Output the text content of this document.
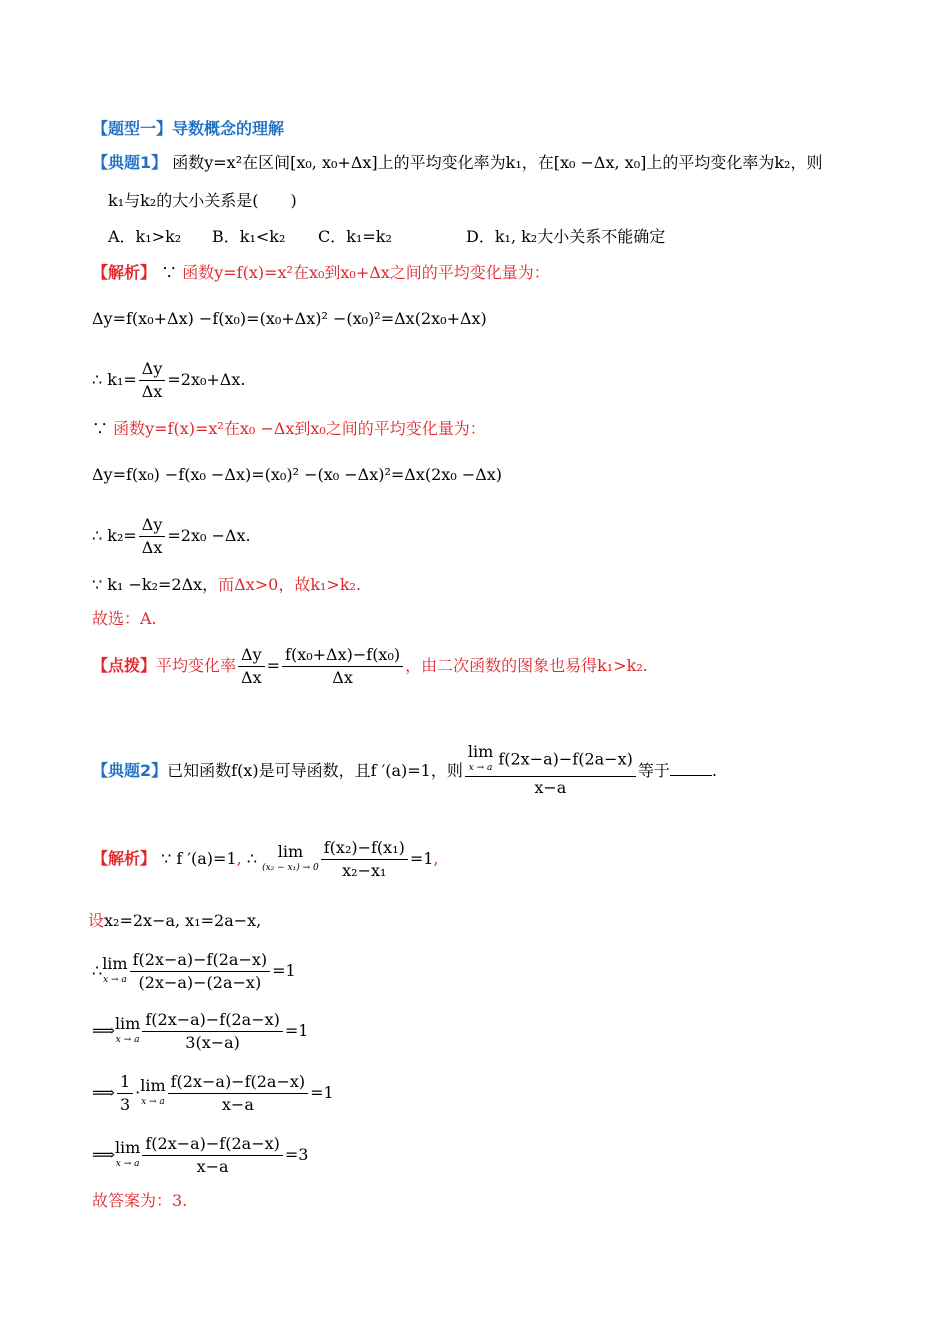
【题型一】导数概念的理解
【典题1】 函数y=x²在区间[x₀, x₀+Δx]上的平均变化率为k₁，在[x₀ −Δx, x₀]上的平均变化率为k₂，则
k₁与k₂的大小关系是(　　)
A．k₁>k₂ B．k₁<k₂ C．k₁=k₂	D．k₁, k₂大小关系不能确定
【解析】 ∵ 函数y=f(x)=x²在x₀到x₀+Δx之间的平均变化量为：
Δy=f(x₀+Δx) −f(x₀)=(x₀+Δx)² −(x₀)²=Δx(2x₀+Δx)
∴ $k_1= \frac{\Delta y}{\Delta x} =2x_0+\Delta x$.
∵ 函数y=f(x)=x²在x₀ −Δx到x₀之间的平均变化量为：
Δy=f(x₀) −f(x₀ −Δx)=(x₀)² −(x₀ −Δx)²=Δx(2x₀ −Δx)
∴ $k_2= \frac{\Delta y}{\Delta x} =2x_0 -\Delta x$.
∵ k₁ −k₂=2Δx，而Δx>0，故k₁>k₂.
故选：A.
【点拨】平均变化率 $\frac{\Delta y}{\Delta x} = \frac{\text{f(x₀+Δx)−f(x₀)}}{\Delta x}$ ，由二次函数的图象也易得k₁>k₂.
【典题2】已知函数f(x)是可导函数，且f ′(a)=1，则 lim
x → a f(2x−a)−f(2a−x)
x−a 等于	.
【解析】 ∵ f ′(a)=1, ∴ lim
$(x_2 - x_1) \to 0 \frac{\text{f(x₂)−f(x₁)}}{\text{x₂−x₁}} =1$,
设x₂=2x−a, x₁=2a−x,
∴lim
x → a $\frac{f(2x-a)-f(2a-x)}{(2x-a)-(2a-x)} =1$
⟹lim
x → a $\frac{f(2x-a)-f(2a-x)}{3(x-a)} =1$
⟹ $\frac{1}{3} \cdot\lim$
x → a $\frac{f(2x-a)-f(2a-x)}{x-a} =1$
⟹lim
x → a $\frac{f(2x-a)-f(2a-x)}{x-a} =3$
故答案为：3.
